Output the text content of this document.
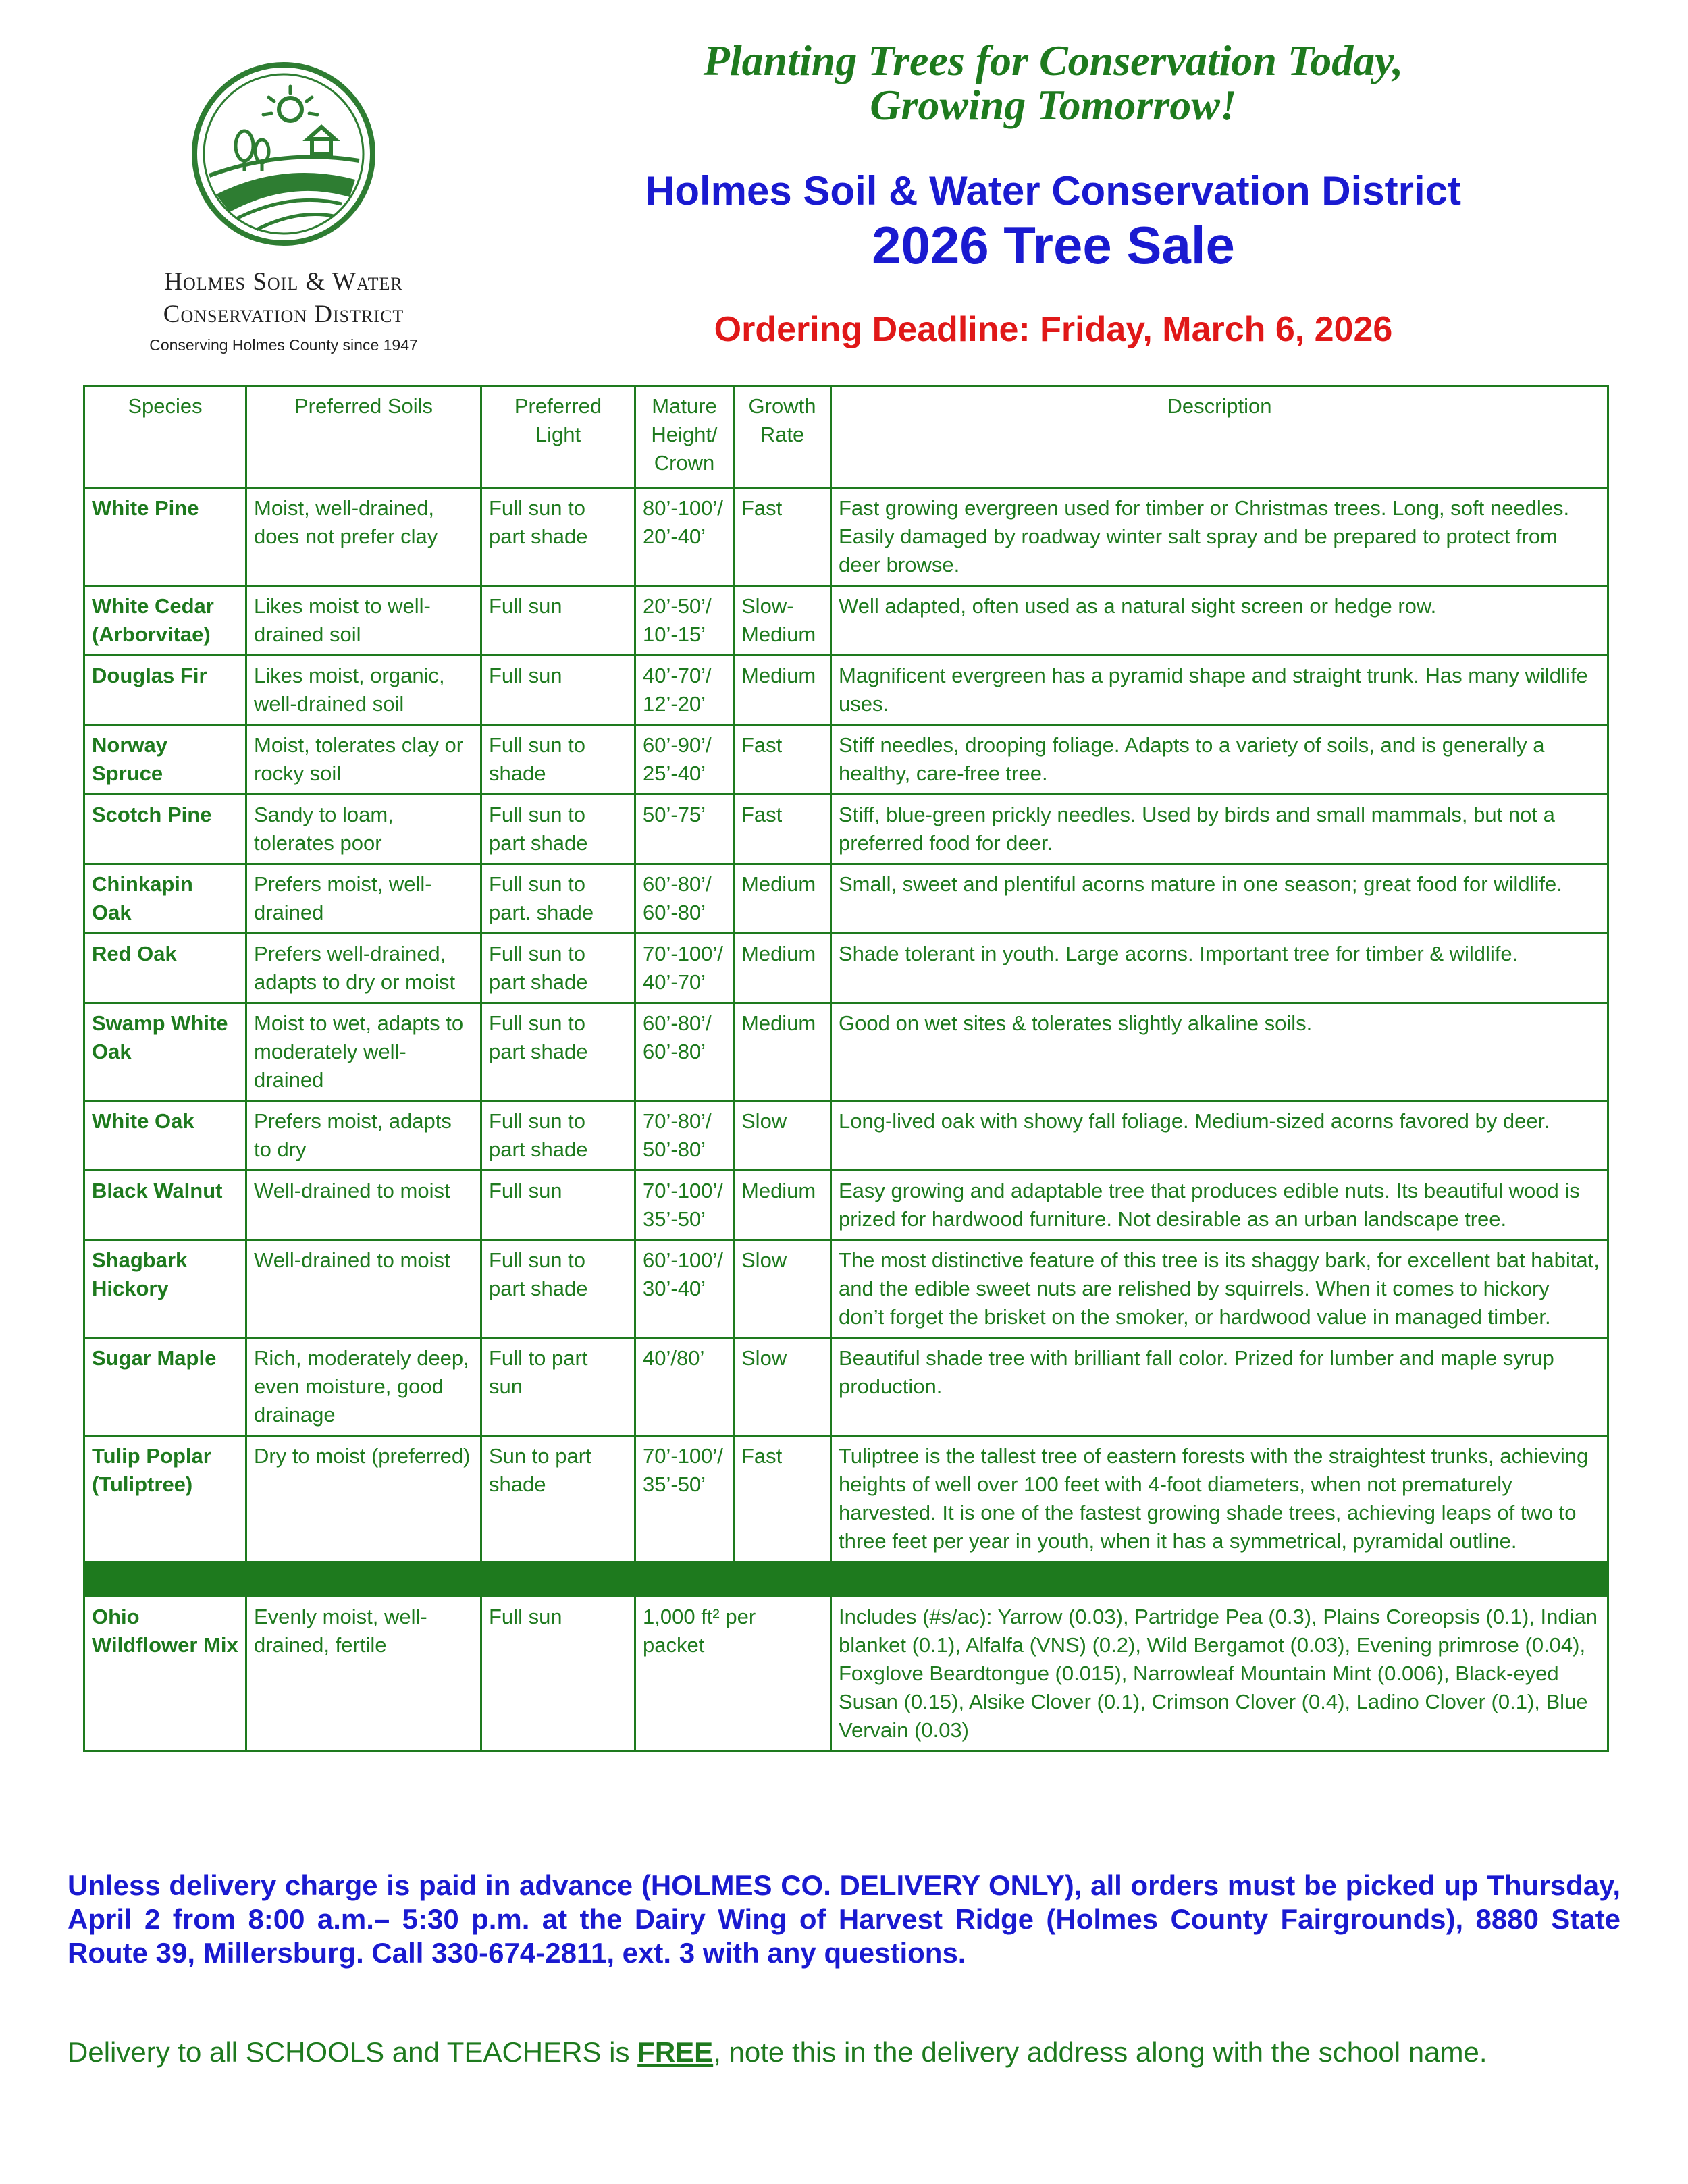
Holmes Soil & Water
Conservation District
Conserving Holmes County since 1947
Planting Trees for Conservation Today,
Growing Tomorrow!
Holmes Soil & Water Conservation District
2026 Tree Sale
Ordering Deadline: Friday, March 6, 2026
Species	Preferred Soils	Preferred Light	Mature Height/ Crown	Growth Rate	Description
White Pine	Moist, well-drained, does not prefer clay	Full sun to part shade	80’-100’/ 20’-40’	Fast	Fast growing evergreen used for timber or Christmas trees. Long, soft needles. Easily damaged by roadway winter salt spray and be prepared to protect from deer browse.
White Cedar (Arborvitae)	Likes moist to well-drained soil	Full sun	20’-50’/ 10’-15’	Slow-Medium	Well adapted, often used as a natural sight screen or hedge row.
Douglas Fir	Likes moist, organic, well-drained soil	Full sun	40’-70’/ 12’-20’	Medium	Magnificent evergreen has a pyramid shape and straight trunk. Has many wildlife uses.
Norway Spruce	Moist, tolerates clay or rocky soil	Full sun to shade	60’-90’/ 25’-40’	Fast	Stiff needles, drooping foliage. Adapts to a variety of soils, and is generally a healthy, care-free tree.
Scotch Pine	Sandy to loam, tolerates poor	Full sun to part shade	50’-75’	Fast	Stiff, blue-green prickly needles. Used by birds and small mammals, but not a preferred food for deer.
Chinkapin Oak	Prefers moist, well-drained	Full sun to part. shade	60’-80’/ 60’-80’	Medium	Small, sweet and plentiful acorns mature in one season; great food for wildlife.
Red Oak	Prefers well-drained, adapts to dry or moist	Full sun to part shade	70’-100’/ 40’-70’	Medium	Shade tolerant in youth. Large acorns. Important tree for timber & wildlife.
Swamp White Oak	Moist to wet, adapts to moderately well-drained	Full sun to part shade	60’-80’/ 60’-80’	Medium	Good on wet sites & tolerates slightly alkaline soils.
White Oak	Prefers moist, adapts to dry	Full sun to part shade	70’-80’/ 50’-80’	Slow	Long-lived oak with showy fall foliage. Medium-sized acorns favored by deer.
Black Walnut	Well-drained to moist	Full sun	70’-100’/ 35’-50’	Medium	Easy growing and adaptable tree that produces edible nuts. Its beautiful wood is prized for hardwood furniture. Not desirable as an urban landscape tree.
Shagbark Hickory	Well-drained to moist	Full sun to part shade	60’-100’/ 30’-40’	Slow	The most distinctive feature of this tree is its shaggy bark, for excellent bat habitat, and the edible sweet nuts are relished by squirrels. When it comes to hickory don’t forget the brisket on the smoker, or hardwood value in managed timber.
Sugar Maple	Rich, moderately deep, even moisture, good drainage	Full to part sun	40’/80’	Slow	Beautiful shade tree with brilliant fall color. Prized for lumber and maple syrup production.
Tulip Poplar (Tuliptree)	Dry to moist (preferred)	Sun to part shade	70’-100’/ 35’-50’	Fast	Tuliptree is the tallest tree of eastern forests with the straightest trunks, achieving heights of well over 100 feet with 4-foot diameters, when not prematurely harvested. It is one of the fastest growing shade trees, achieving leaps of two to three feet per year in youth, when it has a symmetrical, pyramidal outline.

Ohio Wildflower Mix	Evenly moist, well-drained, fertile	Full sun	1,000 ft² per packet		Includes (#s/ac): Yarrow (0.03), Partridge Pea (0.3), Plains Coreopsis (0.1), Indian blanket (0.1), Alfalfa (VNS) (0.2), Wild Bergamot (0.03), Evening primrose (0.04), Foxglove Beardtongue (0.015), Narrowleaf Mountain Mint (0.006), Black-eyed Susan (0.15), Alsike Clover (0.1), Crimson Clover (0.4), Ladino Clover (0.1), Blue Vervain (0.03)
Unless delivery charge is paid in advance (HOLMES CO. DELIVERY ONLY), all orders must be picked up Thursday, April 2 from 8:00 a.m.– 5:30 p.m. at the Dairy Wing of Harvest Ridge (Holmes County Fairgrounds), 8880 State Route 39, Millersburg. Call 330-674-2811, ext. 3 with any questions.
Delivery to all SCHOOLS and TEACHERS is FREE, note this in the delivery address along with the school name.
